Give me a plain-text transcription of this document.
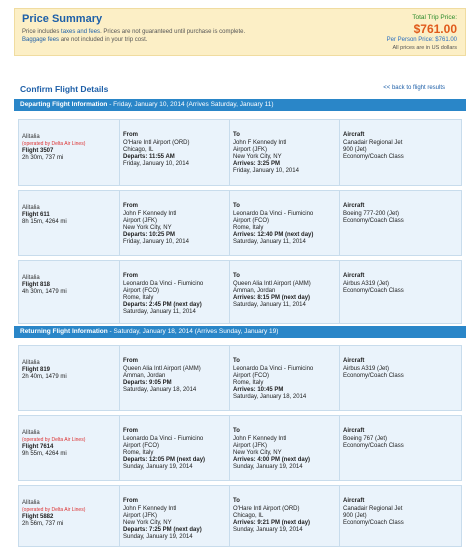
Price Summary
Price includes taxes and fees. Prices are not guaranteed until purchase is complete.
Baggage fees are not included in your trip cost.
Total Trip Price:
$761.00
Per Person Price: $761.00
All prices are in US dollars
Confirm Flight Details	<< back to flight results
Departing Flight Information - Friday, January 10, 2014 (Arrives Saturday, January 11)
Alitalia
(operated by Delta Air Lines)
Flight 3507
2h 30m, 737 mi
From
O'Hare Intl Airport (ORD)
Chicago, IL
Departs: 11:55 AM
Friday, January 10, 2014
To
John F Kennedy Intl
Airport (JFK)
New York City, NY
Arrives: 3:25 PM
Friday, January 10, 2014
Aircraft
Canadair Regional Jet
900 (Jet)
Economy/Coach Class
Alitalia
Flight 611
8h 15m, 4264 mi
From
John F Kennedy Intl
Airport (JFK)
New York City, NY
Departs: 10:25 PM
Friday, January 10, 2014
To
Leonardo Da Vinci - Fiumicino
Airport (FCO)
Rome, Italy
Arrives: 12:40 PM (next day)
Saturday, January 11, 2014
Aircraft
Boeing 777-200 (Jet)
Economy/Coach Class
Alitalia
Flight 818
4h 30m, 1479 mi
From
Leonardo Da Vinci - Fiumicino
Airport (FCO)
Rome, Italy
Departs: 2:45 PM (next day)
Saturday, January 11, 2014
To
Queen Alia Intl Airport (AMM)
Amman, Jordan
Arrives: 8:15 PM (next day)
Saturday, January 11, 2014
Aircraft
Airbus A319 (Jet)
Economy/Coach Class
Returning Flight Information - Saturday, January 18, 2014 (Arrives Sunday, January 19)
Alitalia
Flight 819
2h 40m, 1479 mi
From
Queen Alia Intl Airport (AMM)
Amman, Jordan
Departs: 9:05 PM
Saturday, January 18, 2014
To
Leonardo Da Vinci - Fiumicino
Airport (FCO)
Rome, Italy
Arrives: 10:45 PM
Saturday, January 18, 2014
Aircraft
Airbus A319 (Jet)
Economy/Coach Class
Alitalia
(operated by Delta Air Lines)
Flight 7614
9h 55m, 4264 mi
From
Leonardo Da Vinci - Fiumicino
Airport (FCO)
Rome, Italy
Departs: 12:05 PM (next day)
Sunday, January 19, 2014
To
John F Kennedy Intl
Airport (JFK)
New York City, NY
Arrives: 4:00 PM (next day)
Sunday, January 19, 2014
Aircraft
Boeing 767 (Jet)
Economy/Coach Class
Alitalia
(operated by Delta Air Lines)
Flight 5882
2h 56m, 737 mi
From
John F Kennedy Intl
Airport (JFK)
New York City, NY
Departs: 7:25 PM (next day)
Sunday, January 19, 2014
To
O'Hare Intl Airport (ORD)
Chicago, IL
Arrives: 9:21 PM (next day)
Sunday, January 19, 2014
Aircraft
Canadair Regional Jet
900 (Jet)
Economy/Coach Class
